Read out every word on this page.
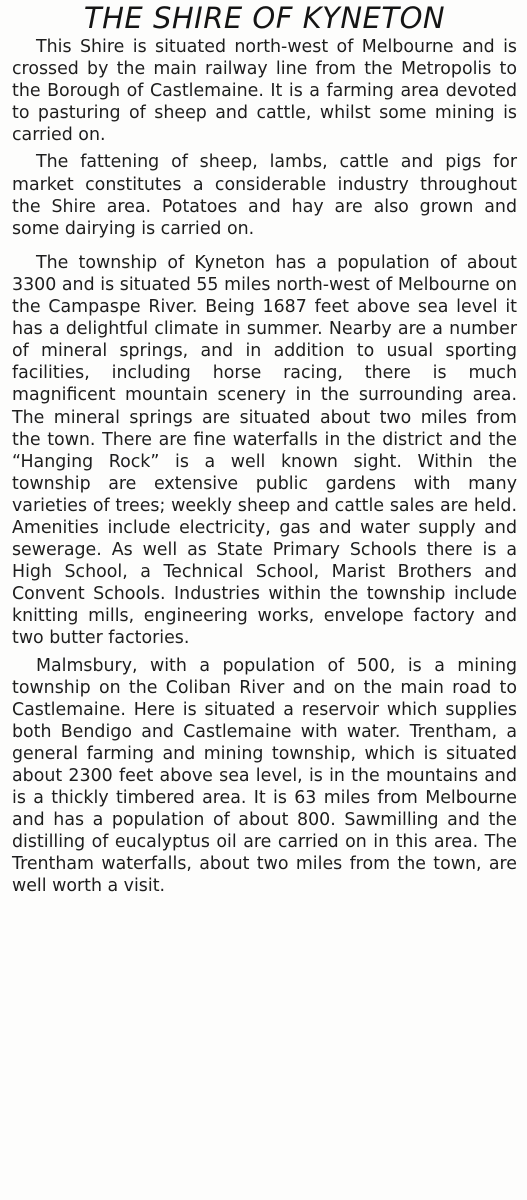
THE SHIRE OF KYNETON

This Shire is situated north-west of Melbourne and is crossed by the main railway line from the Metropolis to the Borough of Castlemaine. It is a farming area devoted to pasturing of sheep and cattle, whilst some mining is carried on.

The fattening of sheep, lambs, cattle and pigs for market constitutes a considerable industry throughout the Shire area. Potatoes and hay are also grown and some dairying is carried on.

The township of Kyneton has a population of about 3300 and is situated 55 miles north-west of Melbourne on the Campaspe River. Being 1687 feet above sea level it has a delightful climate in summer. Nearby are a number of mineral springs, and in addition to usual sporting facilities, including horse racing, there is much magnificent mountain scenery in the surrounding area. The mineral springs are situated about two miles from the town. There are fine waterfalls in the district and the “Hanging Rock” is a well known sight. Within the township are extensive public gardens with many varieties of trees; weekly sheep and cattle sales are held. Amenities include electricity, gas and water supply and sewerage. As well as State Primary Schools there is a High School, a Technical School, Marist Brothers and Convent Schools. Industries within the township include knitting mills, engineering works, envelope factory and two butter factories.

Malmsbury, with a population of 500, is a mining township on the Coliban River and on the main road to Castlemaine. Here is situated a reservoir which supplies both Bendigo and Castlemaine with water. Trentham, a general farming and mining township, which is situated about 2300 feet above sea level, is in the mountains and is a thickly timbered area. It is 63 miles from Melbourne and has a population of about 800. Sawmilling and the distilling of eucalyptus oil are carried on in this area. The Trentham waterfalls, about two miles from the town, are well worth a visit.
